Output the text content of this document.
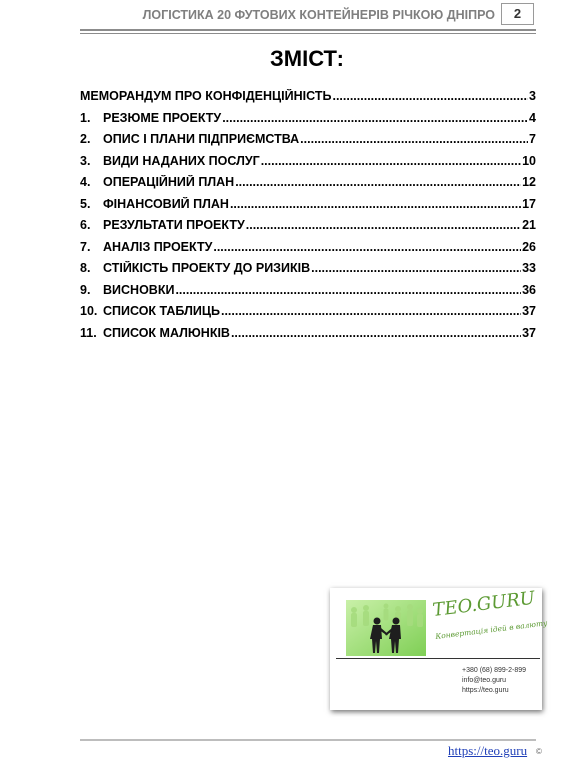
ЛОГІСТИКА 20 ФУТОВИХ КОНТЕЙНЕРІВ РІЧКОЮ ДНІПРО	2
ЗМІСТ:
МЕМОРАНДУМ ПРО КОНФІДЕНЦІЙНІСТЬ .....	3
1.	РЕЗЮМЕ ПРОЕКТУ .....	4
2.	ОПИС І ПЛАНИ ПІДПРИЄМСТВА .....	7
3.	ВИДИ НАДАНИХ ПОСЛУГ .....	10
4.	ОПЕРАЦІЙНИЙ ПЛАН .....	12
5.	ФІНАНСОВИЙ ПЛАН .....	17
6.	РЕЗУЛЬТАТИ ПРОЕКТУ .....	21
7.	АНАЛІЗ ПРОЕКТУ .....	26
8.	СТІЙКІСТЬ ПРОЕКТУ ДО РИЗИКІВ .....	33
9.	ВИСНОВКИ .....	36
10. СПИСОК ТАБЛИЦЬ .....	37
11. СПИСОК МАЛЮНКІВ .....	37
TEO.GURU
Конвертація ідей в валюту
+380 (68) 899-2-899
info@teo.guru
https://teo.guru
https://teo.guru ©
